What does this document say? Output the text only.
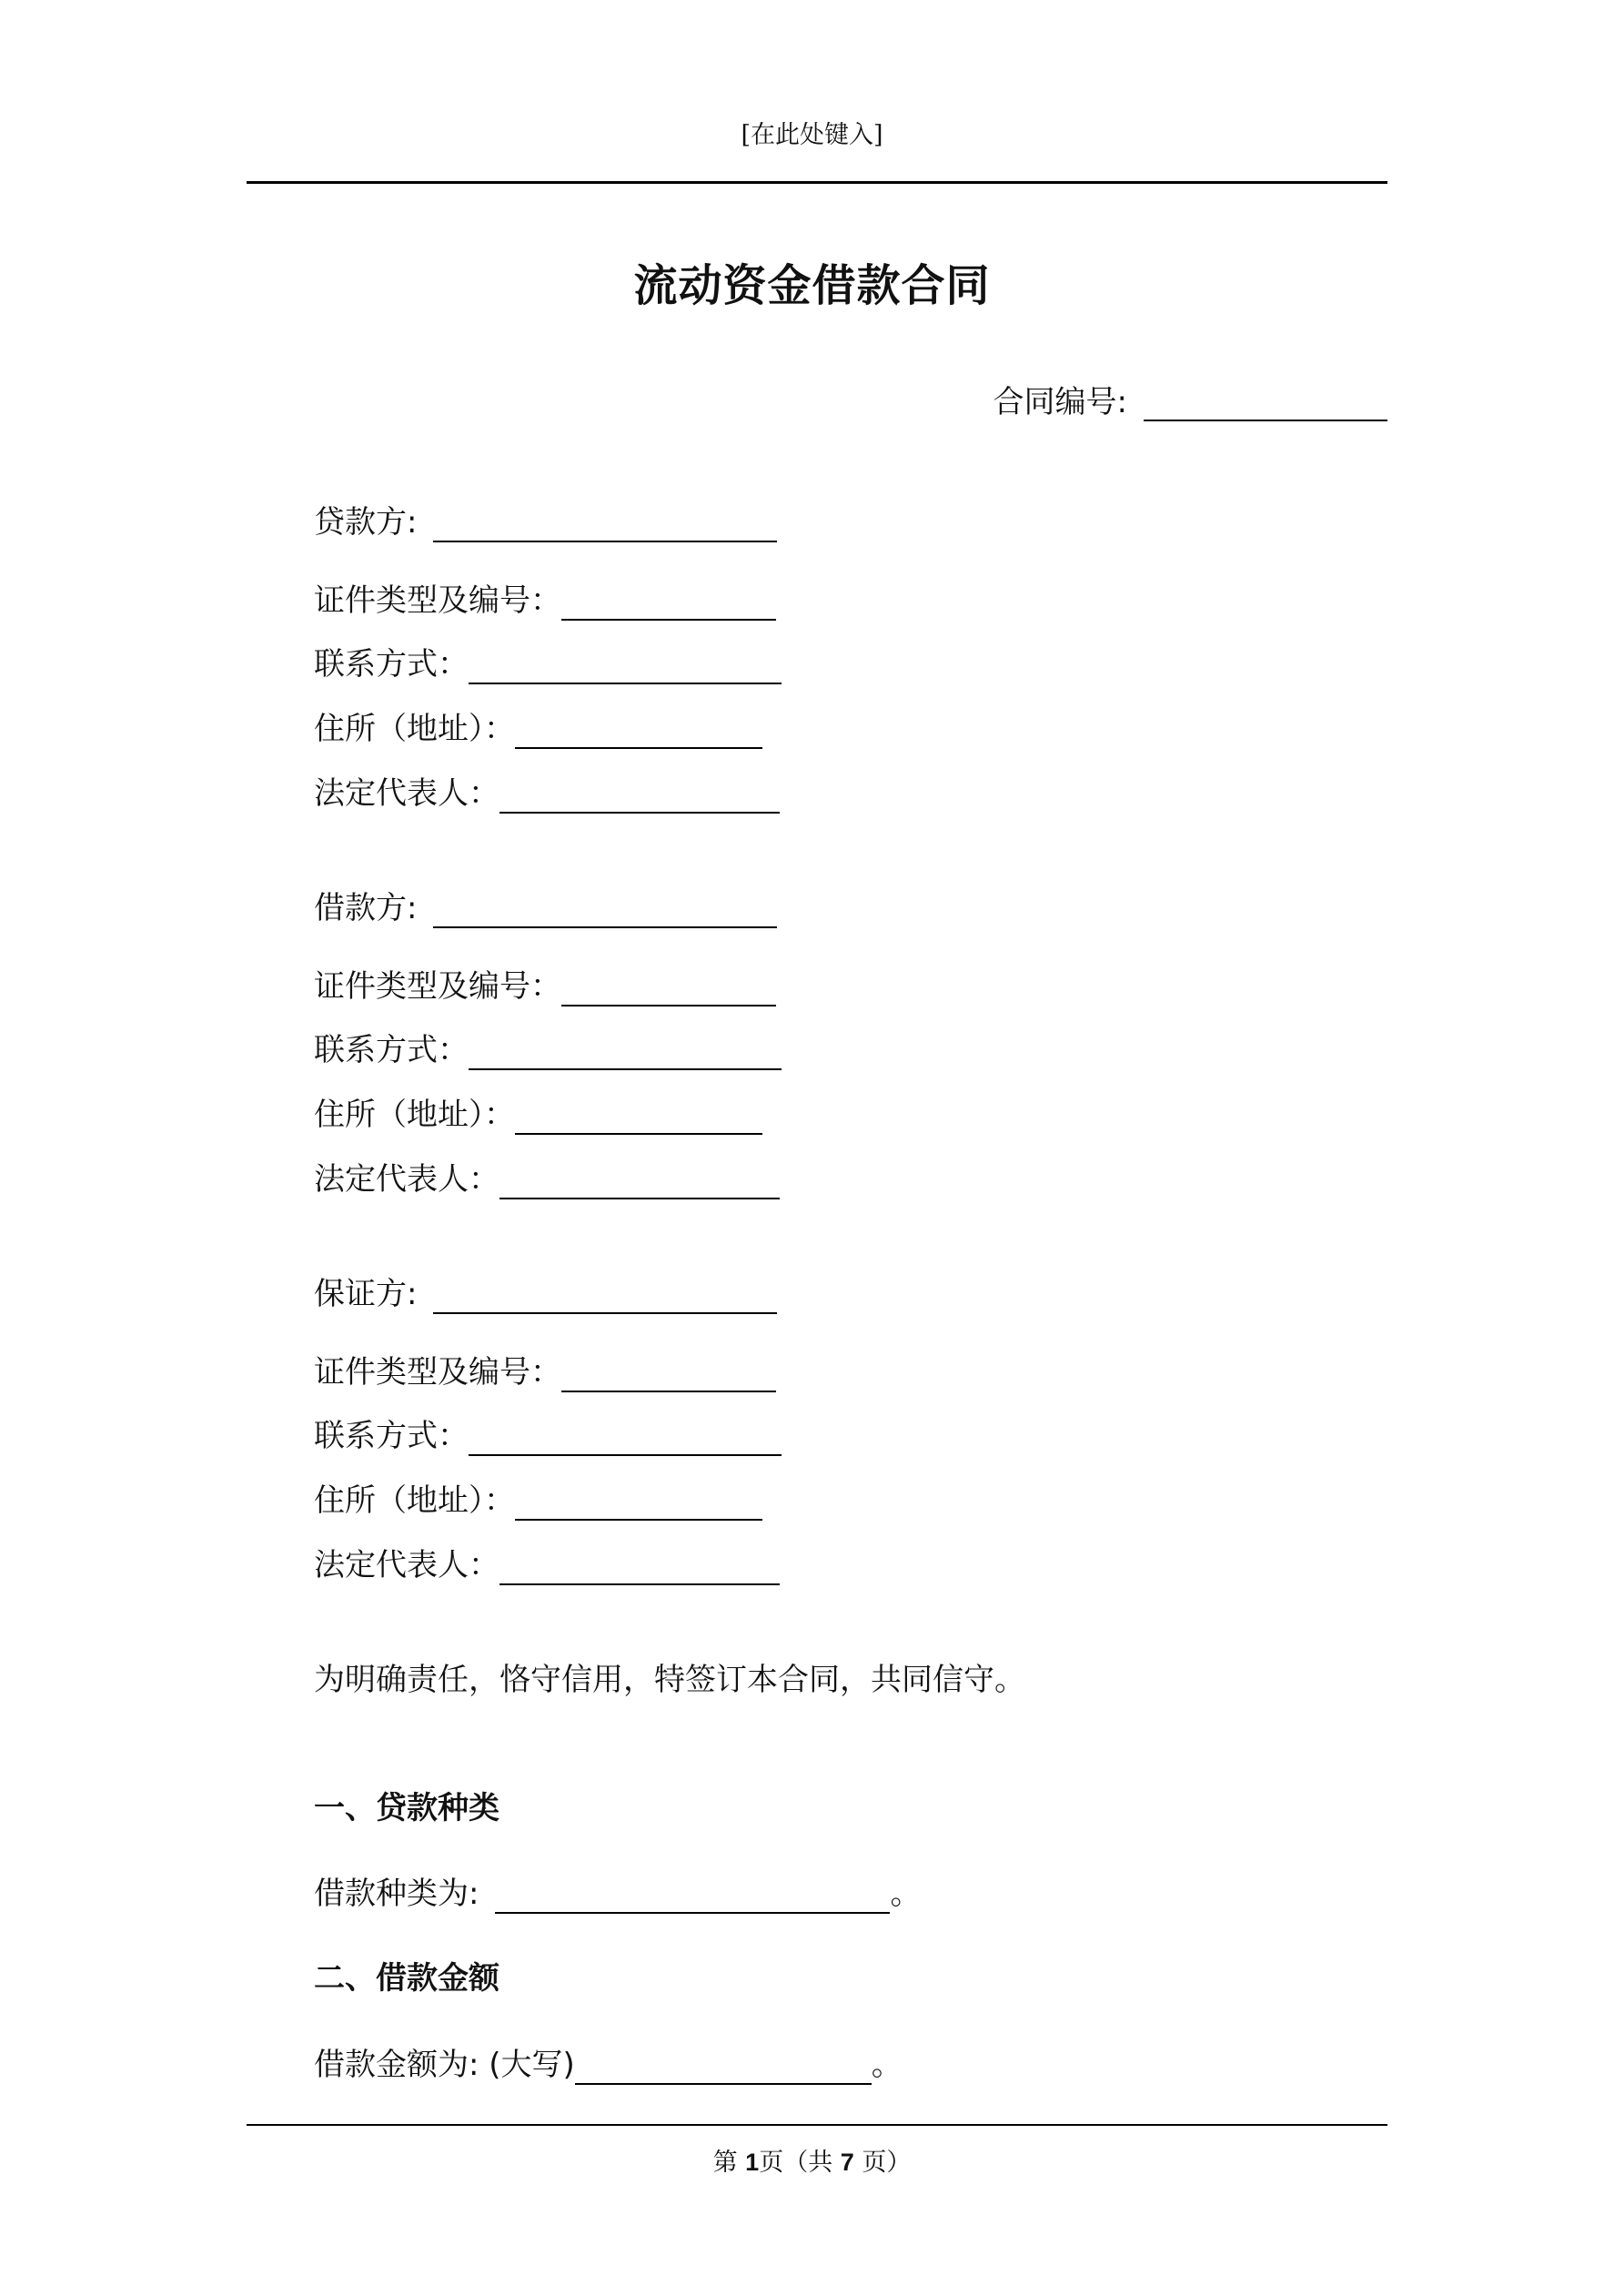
[在此处键入]
流动资金借款合同
合同编号:
贷款方:
证件类型及编号：
联系方式：
住所（地址）：
法定代表人：
借款方:
证件类型及编号：
联系方式：
住所（地址）：
法定代表人：
保证方:
证件类型及编号：
联系方式：
住所（地址）：
法定代表人：
为明确责任，恪守信用，特签订本合同，共同信守。
一、贷款种类
借款种类为:	。
二、借款金额
借款金额为: (大写)	。
第 1页（共 7 页）
